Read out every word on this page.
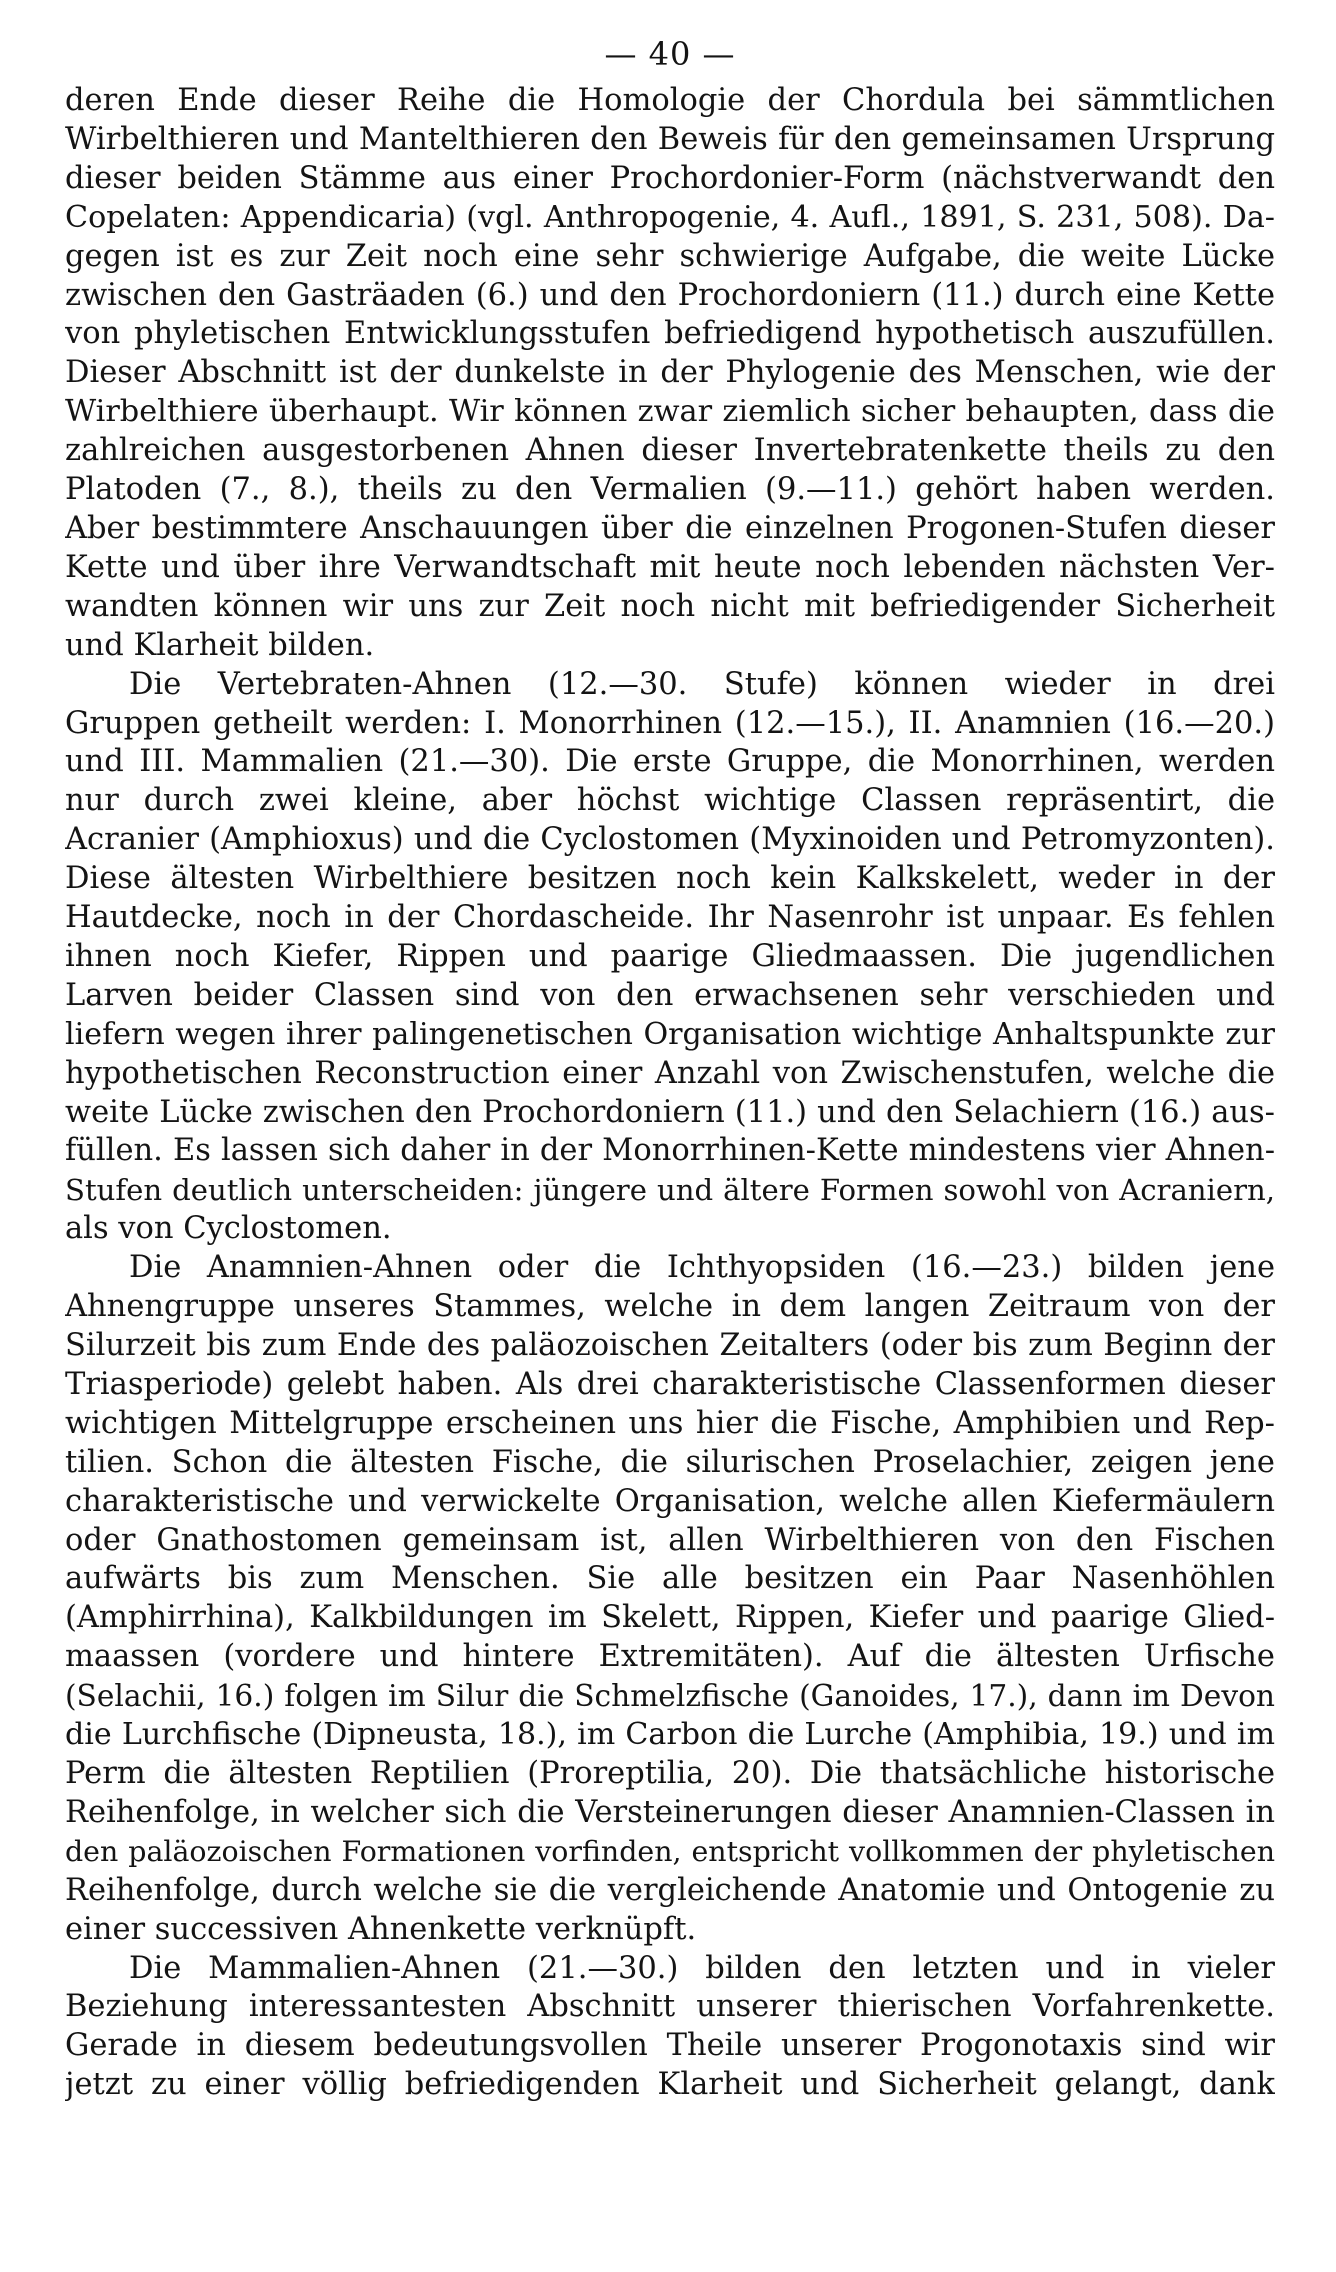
— 40 —

deren Ende dieser Reihe die Homologie der Chordula bei sämmtlichen
Wirbelthieren und Mantelthieren den Beweis für den gemeinsamen Ursprung
dieser beiden Stämme aus einer Prochordonier-Form (nächstverwandt den
Copelaten: Appendicaria) (vgl. Anthropogenie, 4. Aufl., 1891, S. 231, 508). Da-
gegen ist es zur Zeit noch eine sehr schwierige Aufgabe, die weite Lücke
zwischen den Gasträaden (6.) und den Prochordoniern (11.) durch eine Kette
von phyletischen Entwicklungsstufen befriedigend hypothetisch auszufüllen.
Dieser Abschnitt ist der dunkelste in der Phylogenie des Menschen, wie der
Wirbelthiere überhaupt. Wir können zwar ziemlich sicher behaupten, dass die
zahlreichen ausgestorbenen Ahnen dieser Invertebratenkette theils zu den
Platoden (7., 8.), theils zu den Vermalien (9.—11.) gehört haben werden.
Aber bestimmtere Anschauungen über die einzelnen Progonen-Stufen dieser
Kette und über ihre Verwandtschaft mit heute noch lebenden nächsten Ver-
wandten können wir uns zur Zeit noch nicht mit befriedigender Sicherheit
und Klarheit bilden.

Die Vertebraten-Ahnen (12.—30. Stufe) können wieder in drei
Gruppen getheilt werden: I. Monorrhinen (12.—15.), II. Anamnien (16.—20.)
und III. Mammalien (21.—30). Die erste Gruppe, die Monorrhinen, werden
nur durch zwei kleine, aber höchst wichtige Classen repräsentirt, die
Acranier (Amphioxus) und die Cyclostomen (Myxinoiden und Petromyzonten).
Diese ältesten Wirbelthiere besitzen noch kein Kalkskelett, weder in der
Hautdecke, noch in der Chordascheide. Ihr Nasenrohr ist unpaar. Es fehlen
ihnen noch Kiefer, Rippen und paarige Gliedmaassen. Die jugendlichen
Larven beider Classen sind von den erwachsenen sehr verschieden und
liefern wegen ihrer palingenetischen Organisation wichtige Anhaltspunkte zur
hypothetischen Reconstruction einer Anzahl von Zwischenstufen, welche die
weite Lücke zwischen den Prochordoniern (11.) und den Selachiern (16.) aus-
füllen. Es lassen sich daher in der Monorrhinen-Kette mindestens vier Ahnen-
Stufen deutlich unterscheiden: jüngere und ältere Formen sowohl von Acraniern,
als von Cyclostomen.

Die Anamnien-Ahnen oder die Ichthyopsiden (16.—23.) bilden jene
Ahnengruppe unseres Stammes, welche in dem langen Zeitraum von der
Silurzeit bis zum Ende des paläozoischen Zeitalters (oder bis zum Beginn der
Triasperiode) gelebt haben. Als drei charakteristische Classenformen dieser
wichtigen Mittelgruppe erscheinen uns hier die Fische, Amphibien und Rep-
tilien. Schon die ältesten Fische, die silurischen Proselachier, zeigen jene
charakteristische und verwickelte Organisation, welche allen Kiefermäulern
oder Gnathostomen gemeinsam ist, allen Wirbelthieren von den Fischen
aufwärts bis zum Menschen. Sie alle besitzen ein Paar Nasenhöhlen
(Amphirrhina), Kalkbildungen im Skelett, Rippen, Kiefer und paarige Glied-
maassen (vordere und hintere Extremitäten). Auf die ältesten Urfische
(Selachii, 16.) folgen im Silur die Schmelzfische (Ganoides, 17.), dann im Devon
die Lurchfische (Dipneusta, 18.), im Carbon die Lurche (Amphibia, 19.) und im
Perm die ältesten Reptilien (Proreptilia, 20). Die thatsächliche historische
Reihenfolge, in welcher sich die Versteinerungen dieser Anamnien-Classen in
den paläozoischen Formationen vorfinden, entspricht vollkommen der phyletischen
Reihenfolge, durch welche sie die vergleichende Anatomie und Ontogenie zu
einer successiven Ahnenkette verknüpft.

Die Mammalien-Ahnen (21.—30.) bilden den letzten und in vieler
Beziehung interessantesten Abschnitt unserer thierischen Vorfahrenkette.
Gerade in diesem bedeutungsvollen Theile unserer Progonotaxis sind wir
jetzt zu einer völlig befriedigenden Klarheit und Sicherheit gelangt, dank
